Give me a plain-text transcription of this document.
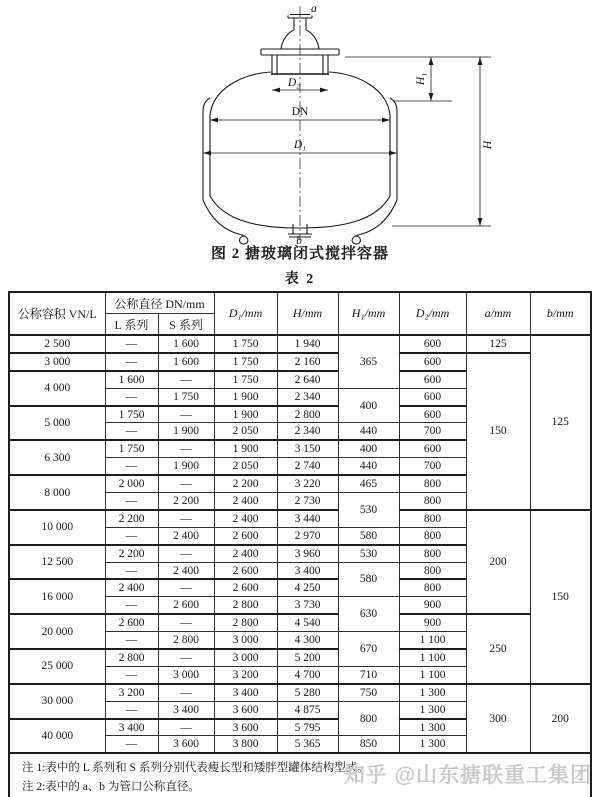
a
D₂
DN
D₁
H₁
H
b
图 2 搪玻璃闭式搅拌容器
表 2
公称容积 VN/L	公称直径 DN/mm		D₁/mm	H/mm	H₁/mm	D₂/mm	a/mm	b/mm
	L 系列	S 系列						
2 500	—	1 600	1 750	1 940	365	600	125	125
3 000	—	1 600	1 750	2 160		600	150	
4 000	1 600	—	1 750	2 640		600		
	—	1 750	1 900	2 340	400	600		
5 000	1 750	—	1 900	2 800		600		
	—	1 900	2 050	2 340	440	700		
6 300	1 750	—	1 900	3 150	400	600		
	—	1 900	2 050	2 740	440	700		
8 000	2 000	—	2 200	3 220	465	800		
	—	2 200	2 400	2 730	530	800		
10 000	2 200	—	2 400	3 440		800	200	150
	—	2 400	2 600	2 970	580	800		
12 500	2 200	—	2 400	3 960	530	800		
	—	2 400	2 600	3 400	580	800		
16 000	2 400	—	2 600	4 250		800		
	—	2 600	2 800	3 730	630	900		
20 000	2 600	—	2 800	4 540		900	250	
	—	2 800	3 000	4 300	670	1 100		
25 000	2 800	—	3 000	5 200		1 100		
	—	3 000	3 200	4 700	710	1 100		
30 000	3 200	—	3 400	5 280	750	1 300	300	200
	—	3 400	3 600	4 875	800	1 300		
40 000	3 400	—	3 600	5 795		1 300		
	—	3 600	3 800	5 365	850	1 300		

注 1:表中的 L 系列和 S 系列分别代表瘦长型和矮胖型罐体结构型式。
注 2:表中的 a、b 为管口公称直径。									知乎 @山东搪联重工集团
